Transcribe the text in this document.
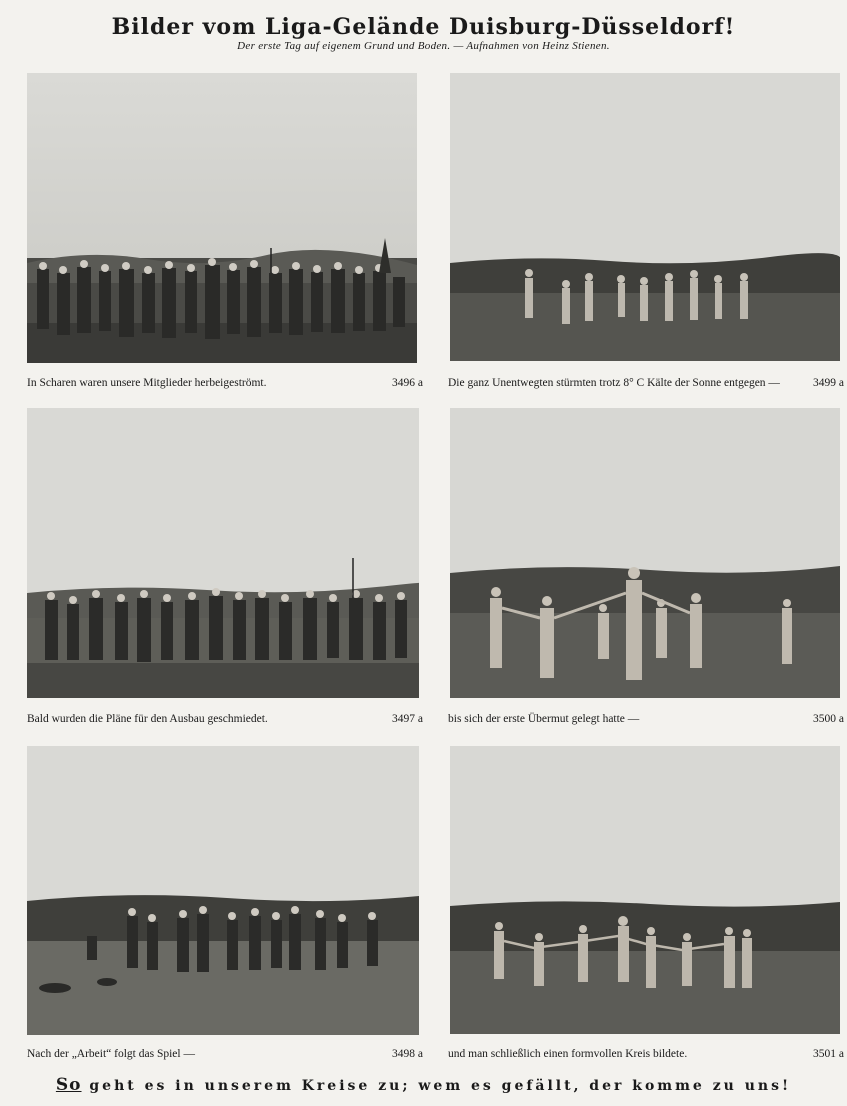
Bilder vom Liga-Gelände Duisburg-Düsseldorf!
Der erste Tag auf eigenem Grund und Boden. — Aufnahmen von Heinz Stienen.
In Scharen waren unsere Mitglieder herbeigeströmt.	3496 a Die ganz Unentwegten stürmten trotz 8° C Kälte der Sonne entgegen —	3499 a
Bald wurden die Pläne für den Ausbau geschmiedet.	3497 a bis sich der erste Übermut gelegt hatte —	3500 a
Nach der „Arbeit“ folgt das Spiel —	3498 a und man schließlich einen formvollen Kreis bildete.	3501 a
So geht es in unserem Kreise zu; wem es gefällt, der komme zu uns!
